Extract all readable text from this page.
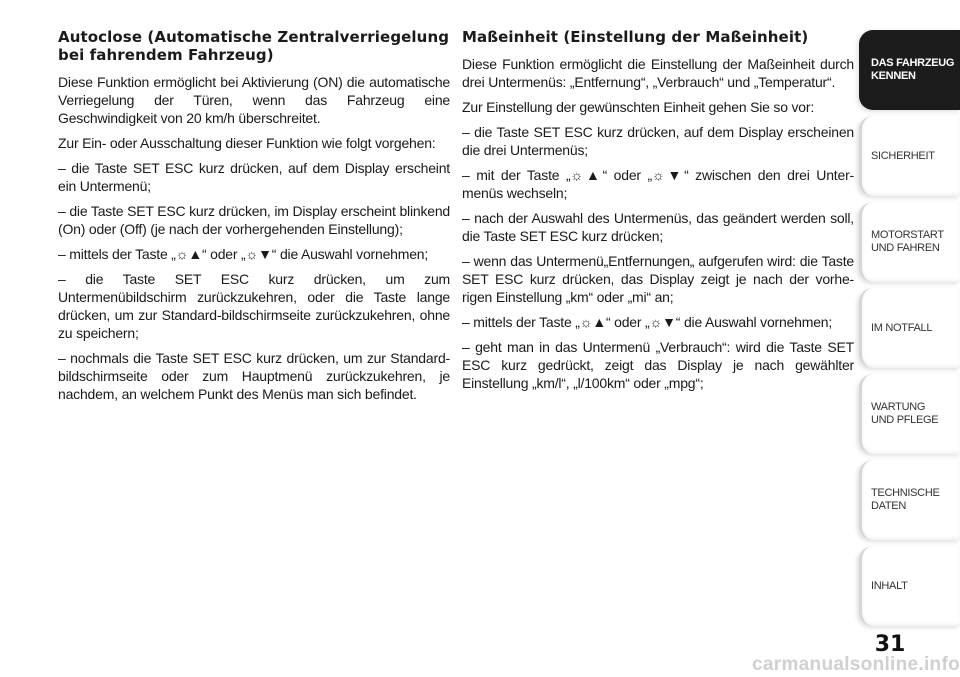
Autoclose (Automatische Zentralverriegelung bei fahrendem Fahrzeug)

Diese Funktion ermöglicht bei Aktivierung (ON) die automatische Verriegelung der Türen, wenn das Fahrzeug eine Geschwindigkeit von 20 km/h überschreitet.

Zur Ein- oder Ausschaltung dieser Funktion wie folgt vorgehen:

– die Taste SET ESC kurz drücken, auf dem Display erscheint ein Untermenü;

– die Taste SET ESC kurz drücken, im Display erscheint blinkend (On) oder (Off) (je nach der vorhergehenden Einstellung);

– mittels der Taste „☼▲“ oder „☼▼“ die Auswahl vornehmen;

– die Taste SET ESC kurz drücken, um zum Untermenübildschirm zurückzukehren, oder die Taste lange drücken, um zur Standard-bildschirmseite zurückzukehren, ohne zu speichern;

– nochmals die Taste SET ESC kurz drücken, um zur Standard-bildschirmseite oder zum Hauptmenü zurückzukehren, je nachdem, an welchem Punkt des Menüs man sich befindet.

Maßeinheit (Einstellung der Maßeinheit)

Diese Funktion ermöglicht die Einstellung der Maßeinheit durch drei Untermenüs: „Entfernung“, „Verbrauch“ und „Temperatur“.

Zur Einstellung der gewünschten Einheit gehen Sie so vor:

– die Taste SET ESC kurz drücken, auf dem Display erscheinen die drei Untermenüs;

– mit der Taste „☼▲“ oder „☼▼“ zwischen den drei Unter-menüs wechseln;

– nach der Auswahl des Untermenüs, das geändert werden soll, die Taste SET ESC kurz drücken;

– wenn das Untermenü„Entfernungen„ aufgerufen wird: die Taste SET ESC kurz drücken, das Display zeigt je nach der vorhe-rigen Einstellung „km“ oder „mi“ an;

– mittels der Taste „☼▲“ oder „☼▼“ die Auswahl vornehmen;

– geht man in das Untermenü „Verbrauch“: wird die Taste SET ESC kurz gedrückt, zeigt das Display je nach gewählter Einstellung „km/l“, „l/100km“ oder „mpg“;

DAS FAHRZEUG
KENNEN
SICHERHEIT
MOTORSTART
UND FAHREN
IM NOTFALL
WARTUNG
UND PFLEGE
TECHNISCHE
DATEN
INHALT
31
carmanualsonline.info
